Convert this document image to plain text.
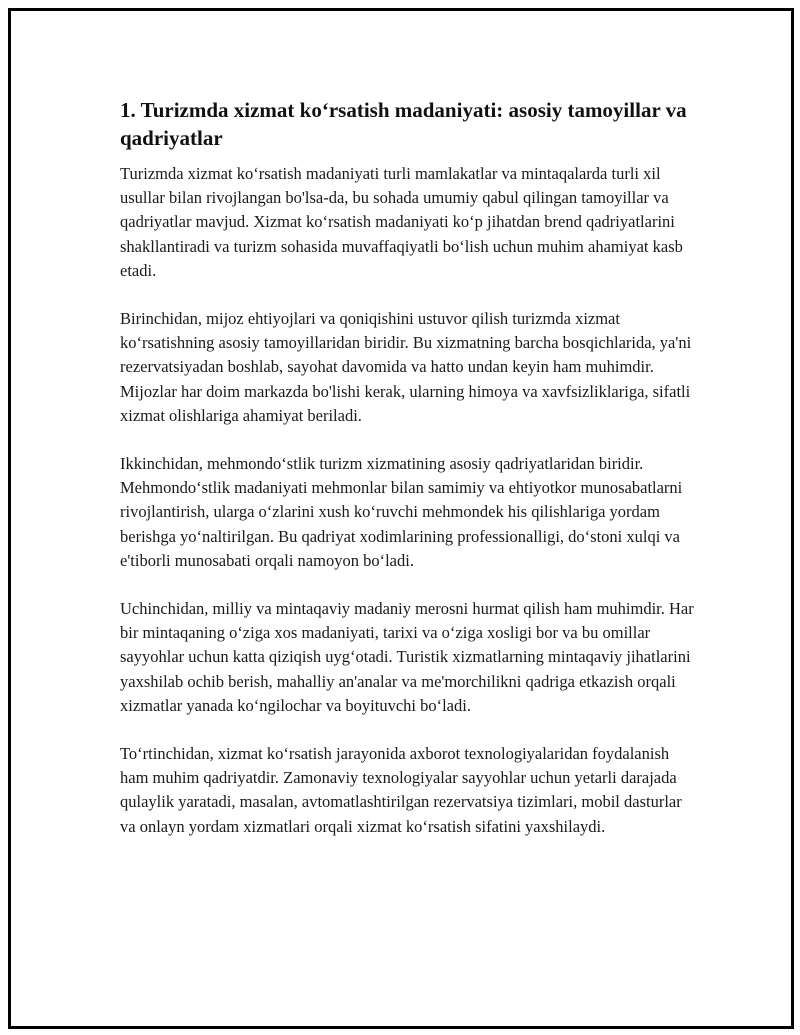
1. Turizmda xizmat ko‘rsatish madaniyati: asosiy tamoyillar va qadriyatlar

Turizmda xizmat ko‘rsatish madaniyati turli mamlakatlar va mintaqalarda turli xil usullar bilan rivojlangan bo'lsa-da, bu sohada umumiy qabul qilingan tamoyillar va qadriyatlar mavjud. Xizmat ko‘rsatish madaniyati ko‘p jihatdan brend qadriyatlarini shakllantiradi va turizm sohasida muvaffaqiyatli bo‘lish uchun muhim ahamiyat kasb etadi.

Birinchidan, mijoz ehtiyojlari va qoniqishini ustuvor qilish turizmda xizmat ko‘rsatishning asosiy tamoyillaridan biridir. Bu xizmatning barcha bosqichlarida, ya'ni rezervatsiyadan boshlab, sayohat davomida va hatto undan keyin ham muhimdir. Mijozlar har doim markazda bo'lishi kerak, ularning himoya va xavfsizliklariga, sifatli xizmat olishlariga ahamiyat beriladi.

Ikkinchidan, mehmondo‘stlik turizm xizmatining asosiy qadriyatlaridan biridir. Mehmondo‘stlik madaniyati mehmonlar bilan samimiy va ehtiyotkor munosabatlarni rivojlantirish, ularga o‘zlarini xush ko‘ruvchi mehmondek his qilishlariga yordam berishga yo‘naltirilgan. Bu qadriyat xodimlarining professionalligi, do‘stoni xulqi va e'tiborli munosabati orqali namoyon bo‘ladi.

Uchinchidan, milliy va mintaqaviy madaniy merosni hurmat qilish ham muhimdir. Har bir mintaqaning o‘ziga xos madaniyati, tarixi va o‘ziga xosligi bor va bu omillar sayyohlar uchun katta qiziqish uyg‘otadi. Turistik xizmatlarning mintaqaviy jihatlarini yaxshilab ochib berish, mahalliy an'analar va me'morchilikni qadriga etkazish orqali xizmatlar yanada ko‘ngilochar va boyituvchi bo‘ladi.

To‘rtinchidan, xizmat ko‘rsatish jarayonida axborot texnologiyalaridan foydalanish ham muhim qadriyatdir. Zamonaviy texnologiyalar sayyohlar uchun yetarli darajada qulaylik yaratadi, masalan, avtomatlashtirilgan rezervatsiya tizimlari, mobil dasturlar va onlayn yordam xizmatlari orqali xizmat ko‘rsatish sifatini yaxshilaydi.
